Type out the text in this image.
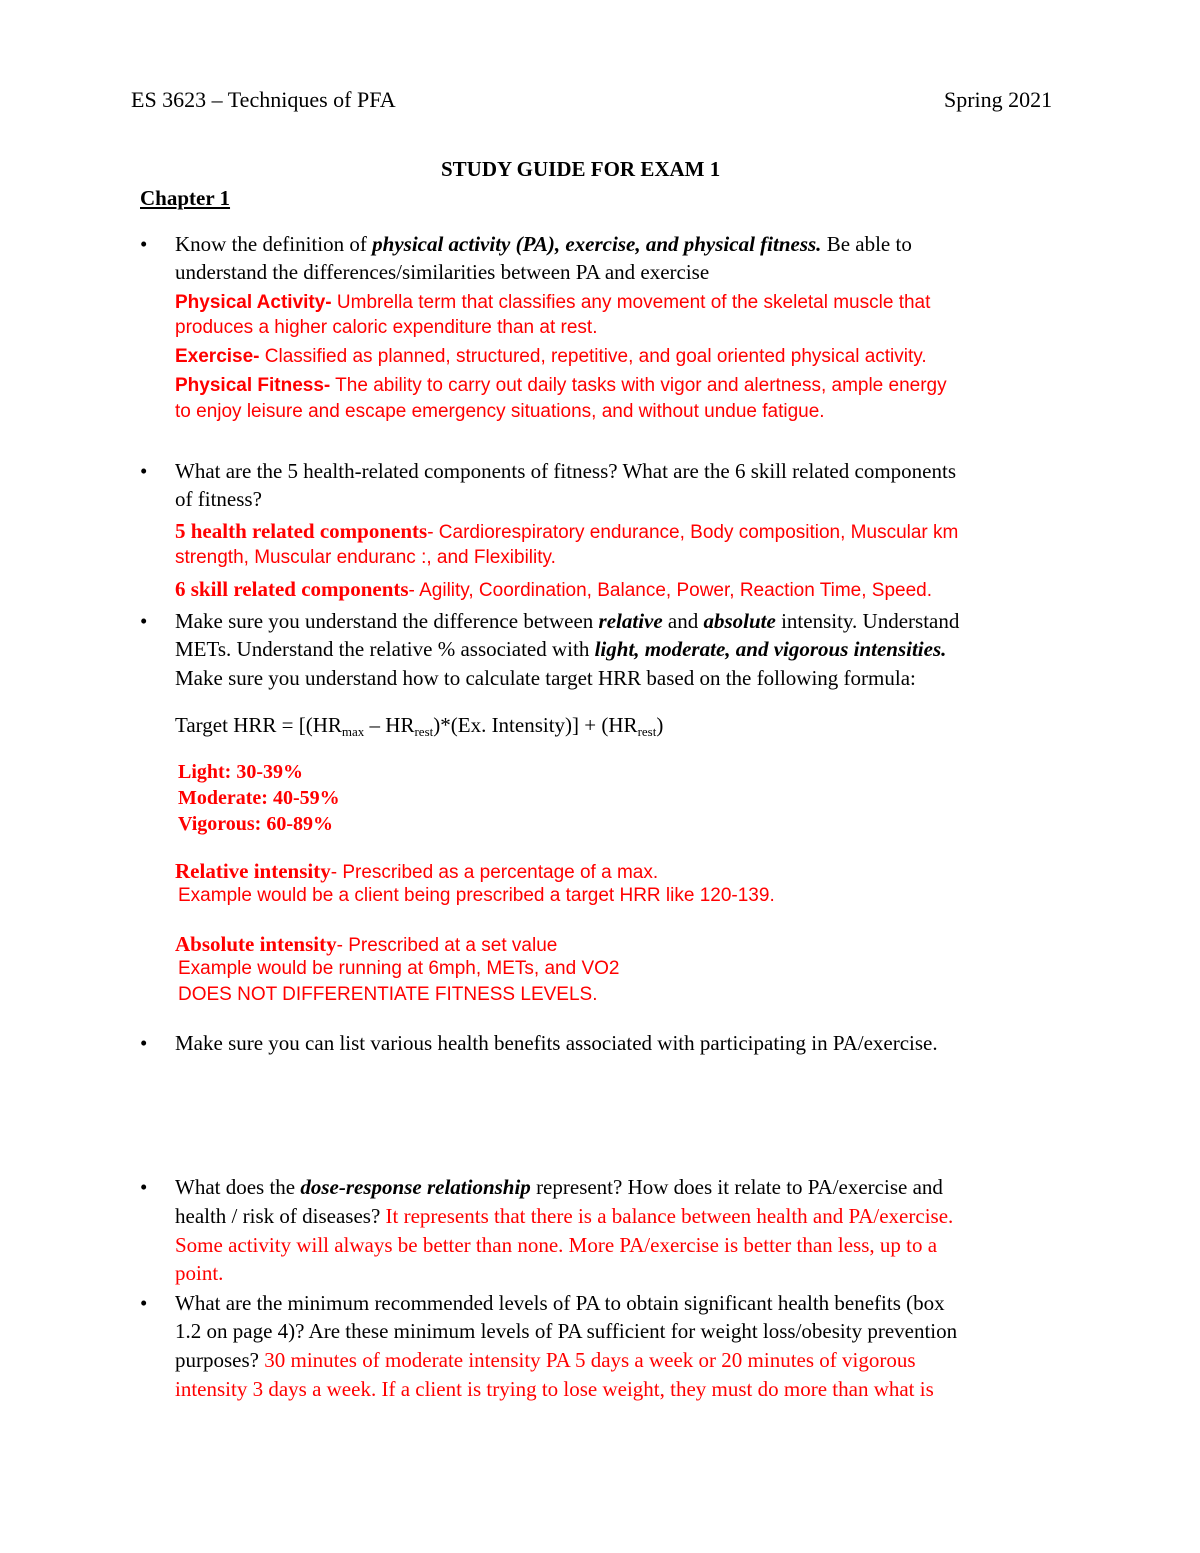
ES 3623 – Techniques of PFA	Spring 2021
STUDY GUIDE FOR EXAM 1
Chapter 1
• Know the definition of physical activity (PA), exercise, and physical fitness. Be able to
understand the differences/similarities between PA and exercise
Physical Activity- Umbrella term that classifies any movement of the skeletal muscle that
produces a higher caloric expenditure than at rest.
Exercise- Classified as planned, structured, repetitive, and goal oriented physical activity.
Physical Fitness- The ability to carry out daily tasks with vigor and alertness, ample energy
to enjoy leisure and escape emergency situations, and without undue fatigue.
• What are the 5 health-related components of fitness? What are the 6 skill related components
of fitness?
5 health related components- Cardiorespiratory endurance, Body composition, Muscular km
strength, Muscular enduranc :, and Flexibility.
6 skill related components- Agility, Coordination, Balance, Power, Reaction Time, Speed.
• Make sure you understand the difference between relative and absolute intensity. Understand
METs. Understand the relative % associated with light, moderate, and vigorous intensities.
Make sure you understand how to calculate target HRR based on the following formula:
Target HRR = [$(HR_{max} - HR_{rest})*(Ex$. Intensity)] + $(HR_{rest})$
Light: 30-39%
Moderate: 40-59%
Vigorous: 60-89%
Relative intensity- Prescribed as a percentage of a max.
Example would be a client being prescribed a target HRR like 120-139.
Absolute intensity- Prescribed at a set value
Example would be running at 6mph, METs, and VO2
DOES NOT DIFFERENTIATE FITNESS LEVELS.
• Make sure you can list various health benefits associated with participating in PA/exercise.
• What does the dose-response relationship represent? How does it relate to PA/exercise and
health / risk of diseases? It represents that there is a balance between health and PA/exercise.
Some activity will always be better than none. More PA/exercise is better than less, up to a
point.
• What are the minimum recommended levels of PA to obtain significant health benefits (box
1.2 on page 4)? Are these minimum levels of PA sufficient for weight loss/obesity prevention
purposes? 30 minutes of moderate intensity PA 5 days a week or 20 minutes of vigorous
intensity 3 days a week. If a client is trying to lose weight, they must do more than what is
